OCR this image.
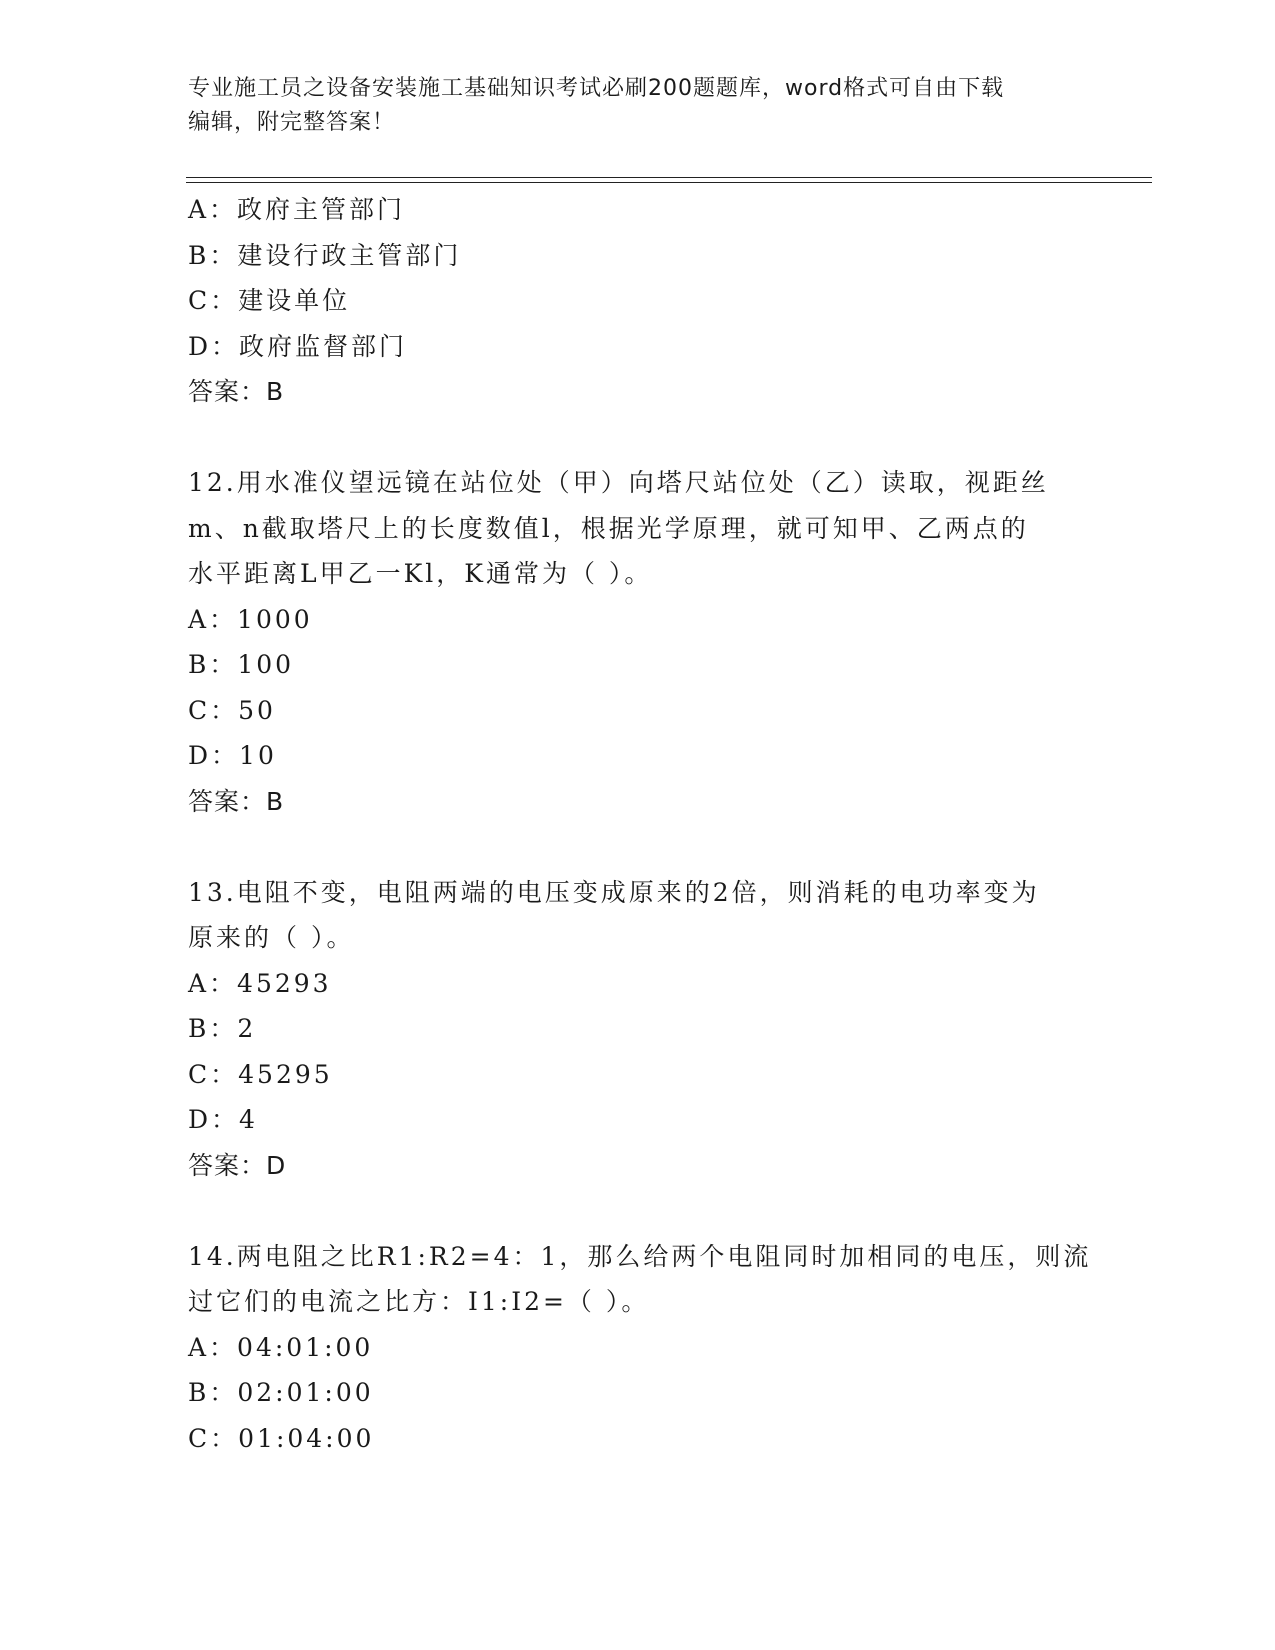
专业施工员之设备安装施工基础知识考试必刷200题题库，word格式可自由下载
编辑，附完整答案！
A：政府主管部门
B：建设行政主管部门
C：建设单位
D：政府监督部门
答案：B
12.用水准仪望远镜在站位处（甲）向塔尺站位处（乙）读取，视距丝
m、n截取塔尺上的长度数值l，根据光学原理，就可知甲、乙两点的
水平距离L甲乙一Kl，K通常为（ ）。
A：1000
B：100
C：50
D：10
答案：B
13.电阻不变，电阻两端的电压变成原来的2倍，则消耗的电功率变为
原来的（ ）。
A：45293
B：2
C：45295
D：4
答案：D
14.两电阻之比R1:R2=4：1，那么给两个电阻同时加相同的电压，则流
过它们的电流之比方：I1:I2=（ ）。
A：04:01:00
B：02:01:00
C：01:04:00
